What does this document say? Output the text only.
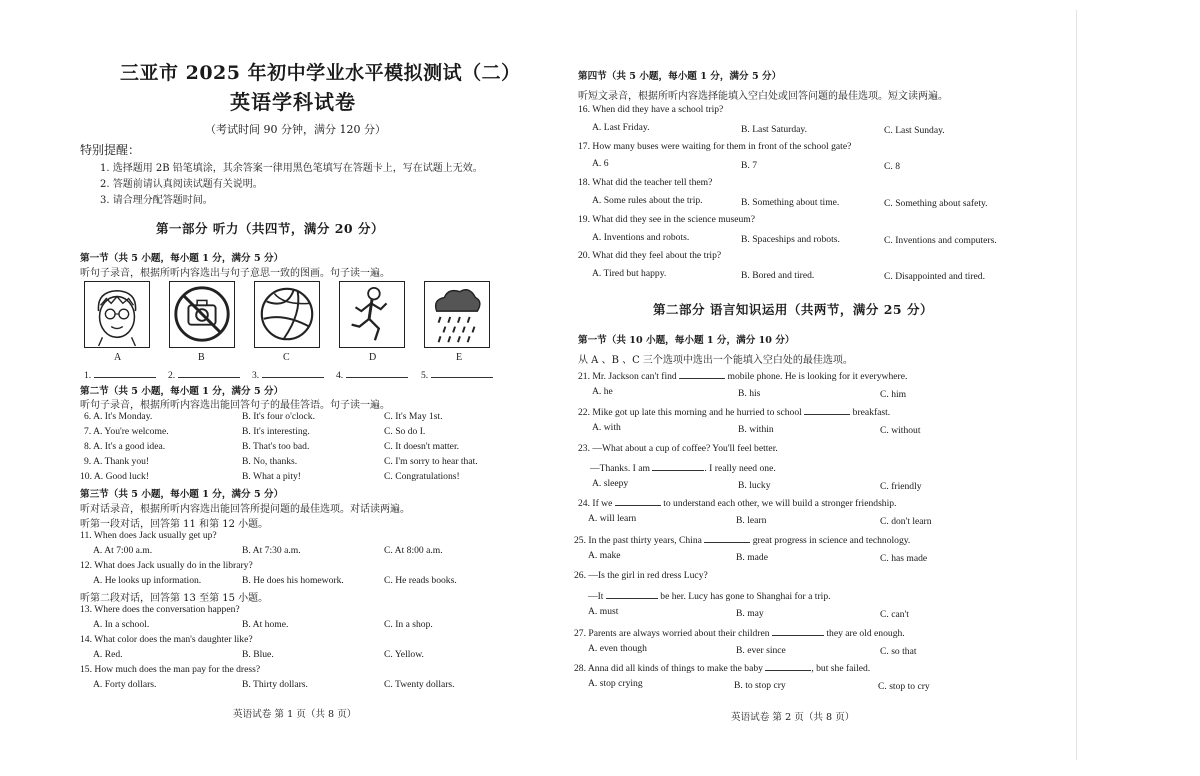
三亚市 2025 年初中学业水平模拟测试（二）
英语学科试卷
（考试时间 90 分钟，满分 120 分）
特别提醒：
1. 选择题用 2B 铅笔填涂，其余答案一律用黑色笔填写在答题卡上，写在试题上无效。
2. 答题前请认真阅读试题有关说明。
3. 请合理分配答题时间。
第一部分 听力（共四节，满分 20 分）
第一节（共 5 小题，每小题 1 分，满分 5 分）
听句子录音，根据所听内容选出与句子意思一致的图画。句子读一遍。
A	B	C	D	E
1.	2.	3.	4.	5.
第二节（共 5 小题，每小题 1 分，满分 5 分）
听句子录音，根据所听内容选出能回答句子的最佳答语。句子读一遍。
6. A. It's Monday.	B. It's four o'clock.	C. It's May 1st.
7. A. You're welcome.	B. It's interesting.	C. So do I.
8. A. It's a good idea.	B. That's too bad.	C. It doesn't matter.
9. A. Thank you!	B. No, thanks.	C. I'm sorry to hear that.
10. A. Good luck!	B. What a pity!	C. Congratulations!
第三节（共 5 小题，每小题 1 分，满分 5 分）
听对话录音，根据所听内容选出能回答所提问题的最佳选项。对话读两遍。
听第一段对话，回答第 11 和第 12 小题。
11. When does Jack usually get up?
A. At 7:00 a.m.	B. At 7:30 a.m.	C. At 8:00 a.m.
12. What does Jack usually do in the library?
A. He looks up information.	B. He does his homework.	C. He reads books.
听第二段对话，回答第 13 至第 15 小题。
13. Where does the conversation happen?
A. In a school.	B. At home.	C. In a shop.
14. What color does the man's daughter like?
A. Red.	B. Blue.	C. Yellow.
15. How much does the man pay for the dress?
A. Forty dollars.	B. Thirty dollars.	C. Twenty dollars.
英语试卷 第 1 页（共 8 页）
第四节（共 5 小题，每小题 1 分，满分 5 分）
听短文录音，根据所听内容选择能填入空白处或回答问题的最佳选项。短文读两遍。
16. When did they have a school trip?
A. Last Friday.	B. Last Saturday.	C. Last Sunday.
17. How many buses were waiting for them in front of the school gate?
A. 6	B. 7	C. 8
18. What did the teacher tell them?
A. Some rules about the trip.	B. Something about time.	C. Something about safety.
19. What did they see in the science museum?
A. Inventions and robots.	B. Spaceships and robots.	C. Inventions and computers.
20. What did they feel about the trip?
A. Tired but happy.	B. Bored and tired.	C. Disappointed and tired.
第二部分 语言知识运用（共两节，满分 25 分）
第一节（共 10 小题，每小题 1 分，满分 10 分）
从 A 、B 、C 三个选项中选出一个能填入空白处的最佳选项。
21. Mr. Jackson can't find	mobile phone. He is looking for it everywhere.
A. he	B. his	C. him
22. Mike got up late this morning and he hurried to school	breakfast.
A. with	B. within	C. without
23. —What about a cup of coffee? You'll feel better.
—Thanks. I am	. I really need one.
A. sleepy	B. lucky	C. friendly
24. If we	to understand each other, we will build a stronger friendship.
A. will learn	B. learn	C. don't learn
25. In the past thirty years, China	great progress in science and technology.
A. make	B. made	C. has made
26. —Is the girl in red dress Lucy?
—It	be her. Lucy has gone to Shanghai for a trip.
A. must	B. may	C. can't
27. Parents are always worried about their children	they are old enough.
A. even though	B. ever since	C. so that
28. Anna did all kinds of things to make the baby	, but she failed.
A. stop crying	B. to stop cry	C. stop to cry
英语试卷 第 2 页（共 8 页）
